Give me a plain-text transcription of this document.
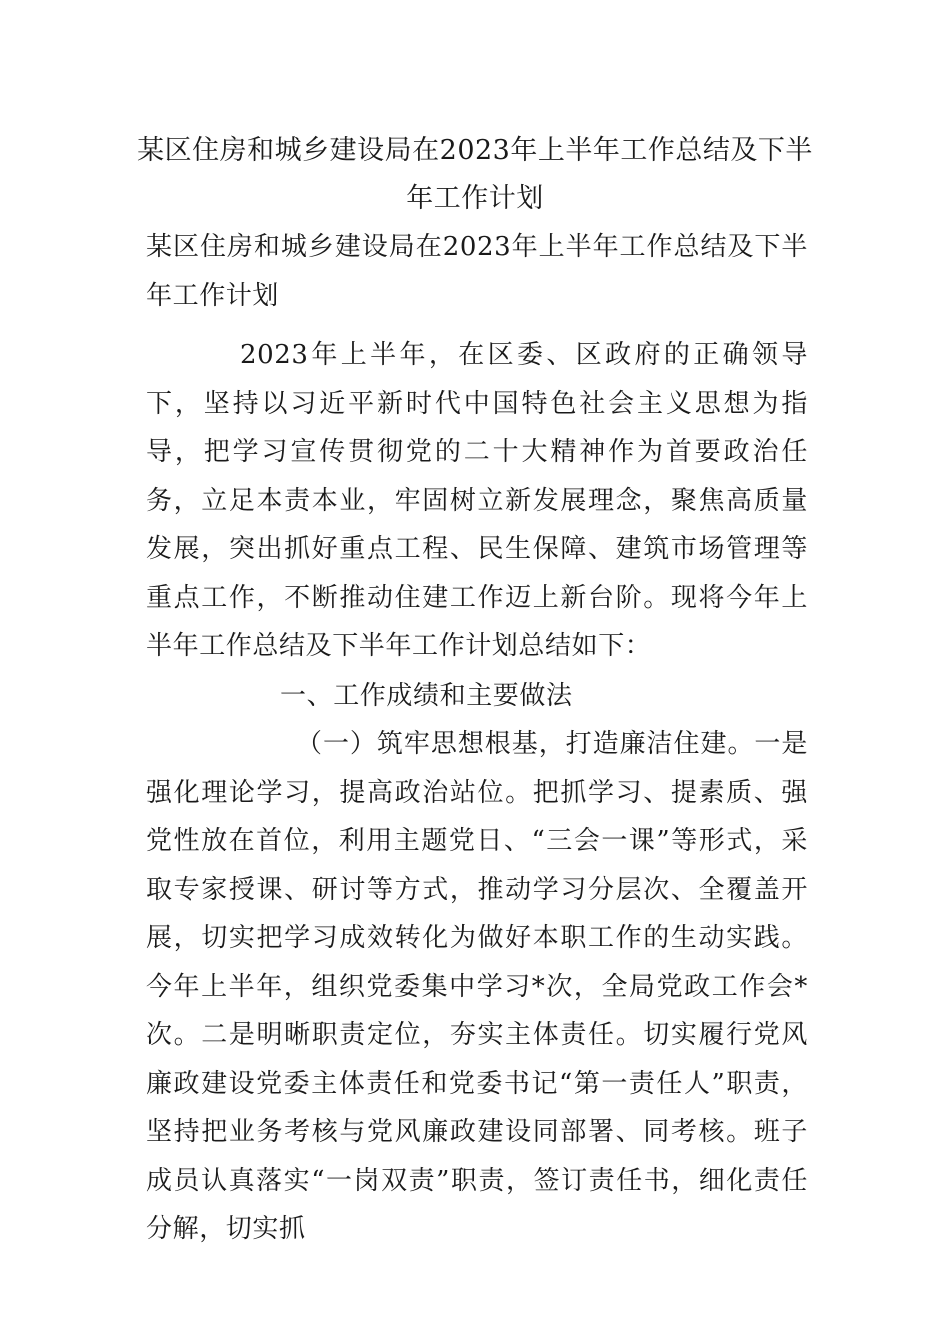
某区住房和城乡建设局在2023年上半年工作总结及下半年工作计划

某区住房和城乡建设局在2023年上半年工作总结及下半年工作计划

2023年上半年，在区委、区政府的正确领导下，坚持以习近平新时代中国特色社会主义思想为指导，把学习宣传贯彻党的二十大精神作为首要政治任务，立足本责本业，牢固树立新发展理念，聚焦高质量发展，突出抓好重点工程、民生保障、建筑市场管理等重点工作，不断推动住建工作迈上新台阶。现将今年上半年工作总结及下半年工作计划总结如下：

一、工作成绩和主要做法

（一）筑牢思想根基，打造廉洁住建。一是强化理论学习，提高政治站位。把抓学习、提素质、强党性放在首位，利用主题党日、“三会一课”等形式，采取专家授课、研讨等方式，推动学习分层次、全覆盖开展，切实把学习成效转化为做好本职工作的生动实践。今年上半年，组织党委集中学习*次，全局党政工作会*次。二是明晰职责定位，夯实主体责任。切实履行党风廉政建设党委主体责任和党委书记“第一责任人”职责，坚持把业务考核与党风廉政建设同部署、同考核。班子成员认真落实“一岗双责”职责，签订责任书，细化责任分解，切实抓
